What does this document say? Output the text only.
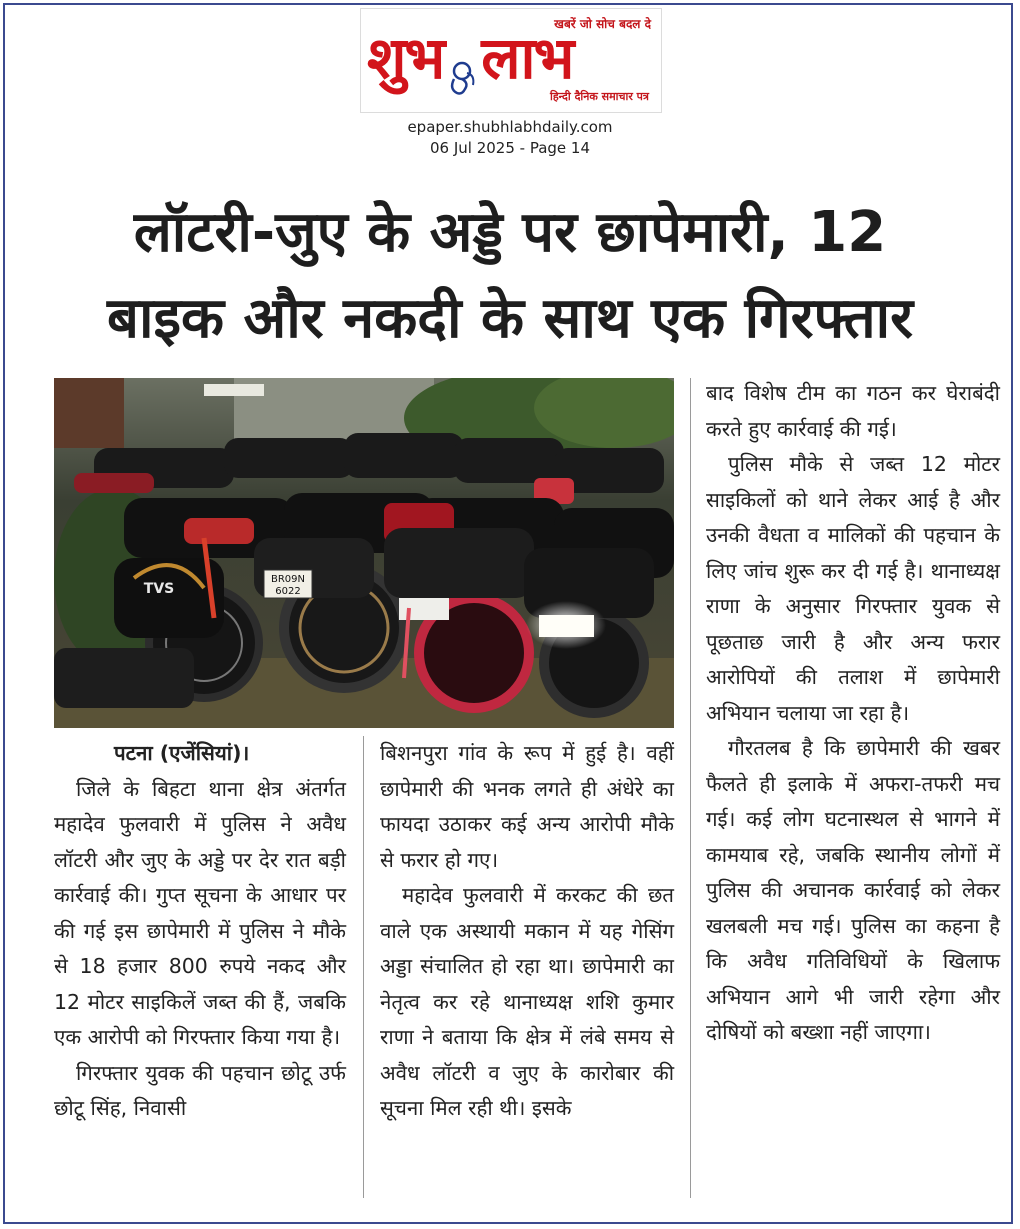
खबरें जो सोच बदल दे
शुभ लाभ
हिन्दी दैनिक समाचार पत्र
epaper.shubhlabhdaily.com
06 Jul 2025 - Page 14
लॉटरी-जुए के अड्डे पर छापेमारी, 12
बाइक और नकदी के साथ एक गिरफ्तार
BR09N
6022
TVS
पटना (एजेंसियां)।

जिले के बिहटा थाना क्षेत्र अंतर्गत महादेव फुलवारी में पुलिस ने अवैध लॉटरी और जुए के अड्डे पर देर रात बड़ी कार्रवाई की। गुप्त सूचना के आधार पर की गई इस छापेमारी में पुलिस ने मौके से 18 हजार 800 रुपये नकद और 12 मोटर साइकिलें जब्त की हैं, जबकि एक आरोपी को गिरफ्तार किया गया है।

गिरफ्तार युवक की पहचान छोटू उर्फ छोटू सिंह, निवासी

बिशनपुरा गांव के रूप में हुई है। वहीं छापेमारी की भनक लगते ही अंधेरे का फायदा उठाकर कई अन्य आरोपी मौके से फरार हो गए।

महादेव फुलवारी में करकट की छत वाले एक अस्थायी मकान में यह गेसिंग अड्डा संचालित हो रहा था। छापेमारी का नेतृत्व कर रहे थानाध्यक्ष शशि कुमार राणा ने बताया कि क्षेत्र में लंबे समय से अवैध लॉटरी व जुए के कारोबार की सूचना मिल रही थी। इसके

बाद विशेष टीम का गठन कर घेराबंदी करते हुए कार्रवाई की गई।

पुलिस मौके से जब्त 12 मोटर साइकिलों को थाने लेकर आई है और उनकी वैधता व मालिकों की पहचान के लिए जांच शुरू कर दी गई है। थानाध्यक्ष राणा के अनुसार गिरफ्तार युवक से पूछताछ जारी है और अन्य फरार आरोपियों की तलाश में छापेमारी अभियान चलाया जा रहा है।

गौरतलब है कि छापेमारी की खबर फैलते ही इलाके में अफरा-तफरी मच गई। कई लोग घटनास्थल से भागने में कामयाब रहे, जबकि स्थानीय लोगों में पुलिस की अचानक कार्रवाई को लेकर खलबली मच गई। पुलिस का कहना है कि अवैध गतिविधियों के खिलाफ अभियान आगे भी जारी रहेगा और दोषियों को बख्शा नहीं जाएगा।
